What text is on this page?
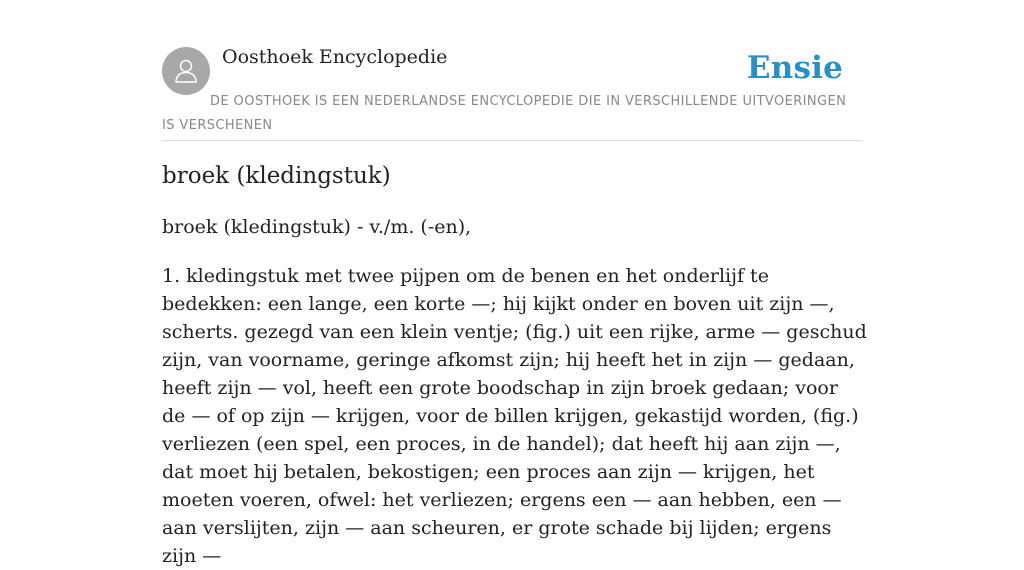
Oosthoek Encyclopedie	Ensie
DE OOSTHOEK IS EEN NEDERLANDSE ENCYCLOPEDIE DIE IN VERSCHILLENDE UITVOERINGEN IS VERSCHENEN
broek (kledingstuk)

broek (kledingstuk) - v./m. (-en),

1. kledingstuk met twee pijpen om de benen en het onderlijf te bedekken: een lange, een korte —; hij kijkt onder en boven uit zijn —, scherts. gezegd van een klein ventje; (fig.) uit een rijke, arme — geschud zijn, van voorname, geringe afkomst zijn; hij heeft het in zijn — gedaan, heeft zijn — vol, heeft een grote boodschap in zijn broek gedaan; voor de — of op zijn — krijgen, voor de billen krijgen, gekastijd worden, (fig.) verliezen (een spel, een proces, in de handel); dat heeft hij aan zijn —, dat moet hij betalen, bekostigen; een proces aan zijn — krijgen, het moeten voeren, ofwel: het verliezen; ergens een — aan hebben, een — aan verslijten, zijn — aan scheuren, er grote schade bij lijden; ergens zijn —
